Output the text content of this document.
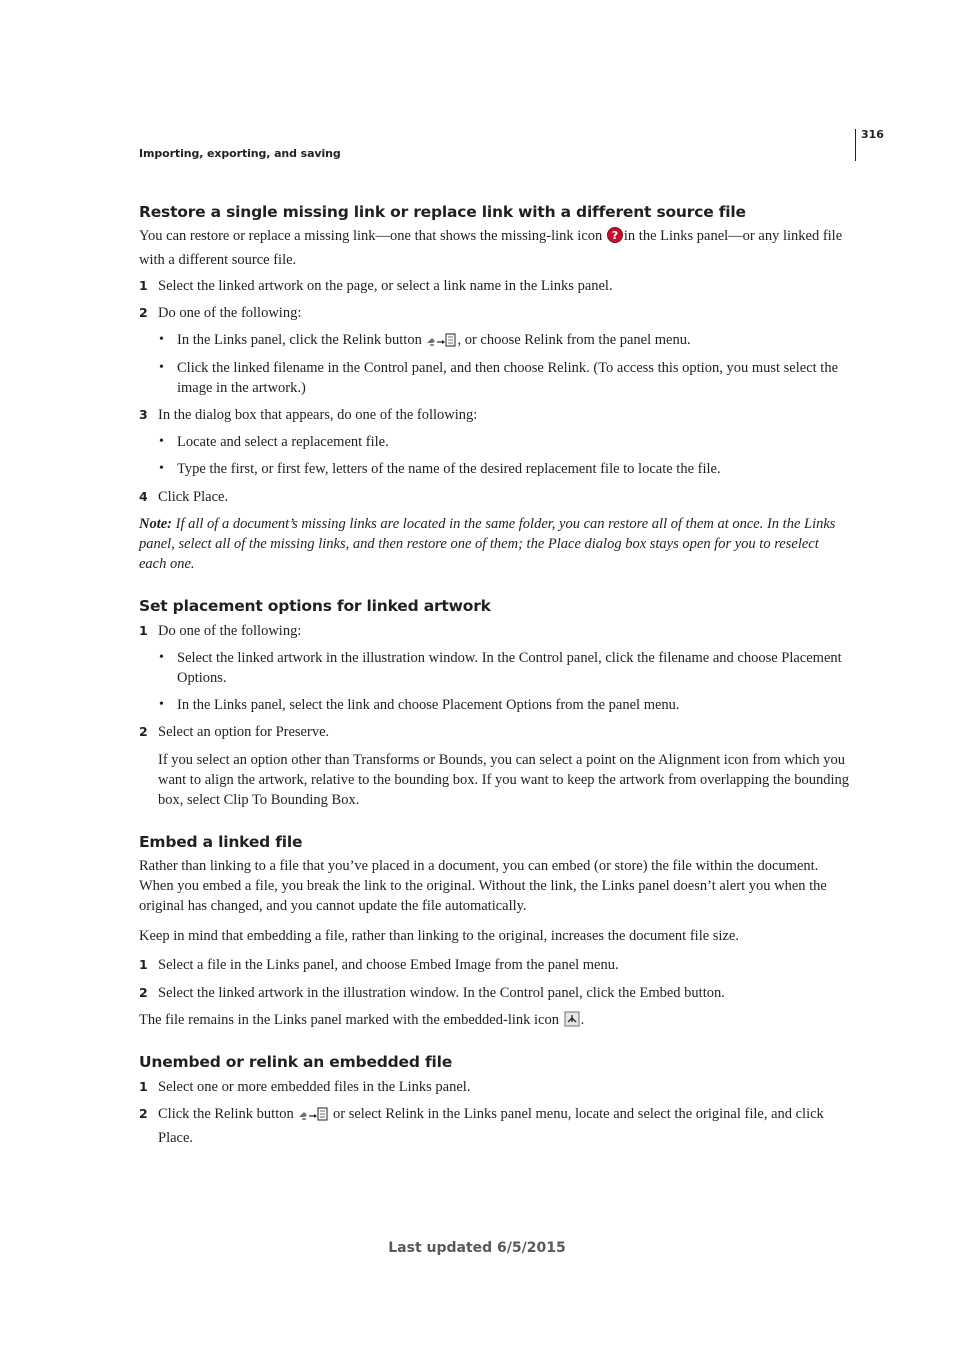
316
Importing, exporting, and saving
Restore a single missing link or replace link with a different source file

You can restore or replace a missing link—one that shows the missing-link icon ? in the Links panel—or any linked file with a different source file.

1 Select the linked artwork on the page, or select a link name in the Links panel.
2 Do one of the following:
• In the Links panel, click the Relink button , or choose Relink from the panel menu.
• Click the linked filename in the Control panel, and then choose Relink. (To access this option, you must select the image in the artwork.)
3 In the dialog box that appears, do one of the following:
• Locate and select a replacement file.
• Type the first, or first few, letters of the name of the desired replacement file to locate the file.
4 Click Place.

Note: If all of a document’s missing links are located in the same folder, you can restore all of them at once. In the Links panel, select all of the missing links, and then restore one of them; the Place dialog box stays open for you to reselect each one.

Set placement options for linked artwork
1 Do one of the following:
• Select the linked artwork in the illustration window. In the Control panel, click the filename and choose Placement Options.
• In the Links panel, select the link and choose Placement Options from the panel menu.
2 Select an option for Preserve.
If you select an option other than Transforms or Bounds, you can select a point on the Alignment icon from which you want to align the artwork, relative to the bounding box. If you want to keep the artwork from overlapping the bounding box, select Clip To Bounding Box.
Embed a linked file

Rather than linking to a file that you’ve placed in a document, you can embed (or store) the file within the document. When you embed a file, you break the link to the original. Without the link, the Links panel doesn’t alert you when the original has changed, and you cannot update the file automatically.

Keep in mind that embedding a file, rather than linking to the original, increases the document file size.

1 Select a file in the Links panel, and choose Embed Image from the panel menu.
2 Select the linked artwork in the illustration window. In the Control panel, click the Embed button.

The file remains in the Links panel marked with the embedded-link icon .

Unembed or relink an embedded file
1 Select one or more embedded files in the Links panel.
2 Click the Relink button	or select Relink in the Links panel menu, locate and select the original file, and click Place.
Last updated 6/5/2015
